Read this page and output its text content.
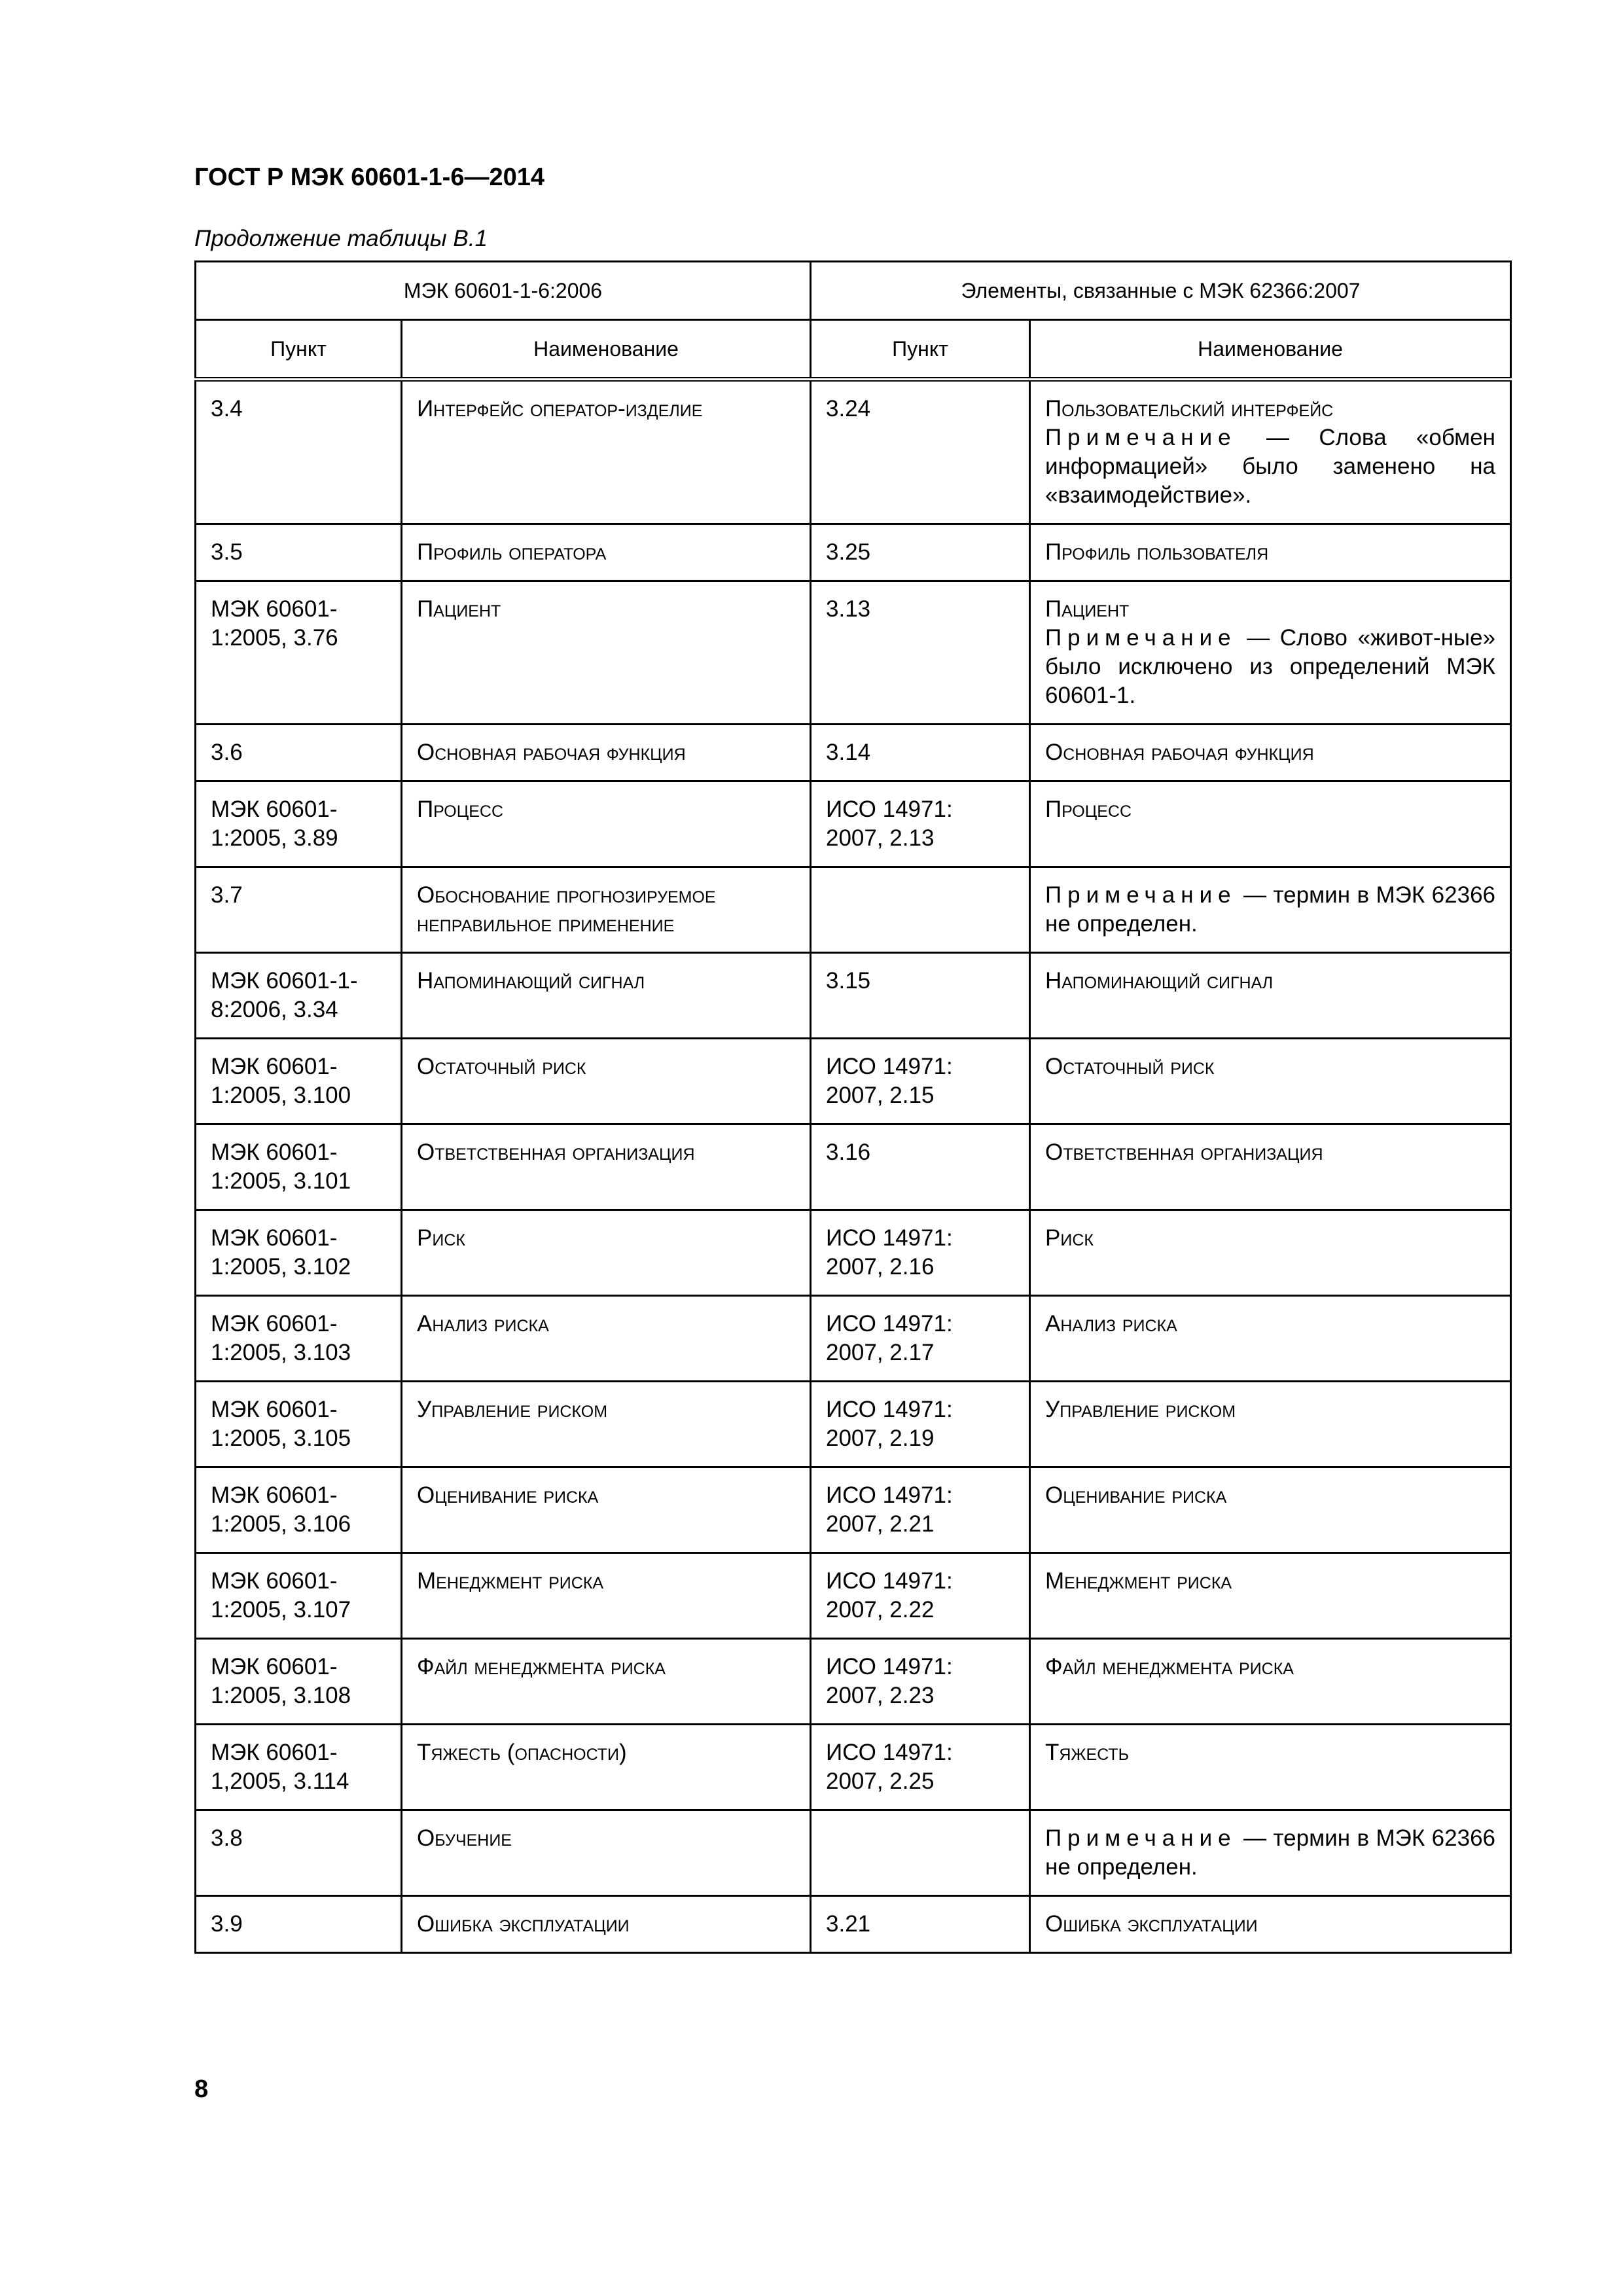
ГОСТ Р МЭК 60601-1-6—2014

Продолжение таблицы В.1

МЭК 60601-1-6:2006		Элементы, связанные с МЭК 62366:2007	
Пункт	Наименование	Пункт	Наименование
3.4	Интерфейс оператор-изделие	3.24	Пользовательский интерфейс
Примечание — Слова «обмен информацией» было заменено на «взаимодействие».

3.5	Профиль оператора	3.25	Профиль пользователя

МЭК 60601-1:2005, 3.76	Пациент	3.13	Пациент
Примечание — Слово «живот-ные» было исключено из определений МЭК 60601-1.

3.6	Основная рабочая функция	3.14	Основная рабочая функция

МЭК 60601-1:2005, 3.89	Процесс	ИСО 14971: 2007, 2.13	Процесс

3.7	Обоснование прогнозируемое неправильное применение		Примечание — термин в МЭК 62366 не определен.

МЭК 60601-1-8:2006, 3.34	Напоминающий сигнал	3.15	Напоминающий сигнал

МЭК 60601-1:2005, 3.100	Остаточный риск	ИСО 14971: 2007, 2.15	Остаточный риск

МЭК 60601-1:2005, 3.101	Ответственная организация	3.16	Ответственная организация

МЭК 60601-1:2005, 3.102	Риск	ИСО 14971: 2007, 2.16	Риск

МЭК 60601-1:2005, 3.103	Анализ риска	ИСО 14971: 2007, 2.17	Анализ риска

МЭК 60601-1:2005, 3.105	Управление риском	ИСО 14971: 2007, 2.19	Управление риском

МЭК 60601-1:2005, 3.106	Оценивание риска	ИСО 14971: 2007, 2.21	Оценивание риска

МЭК 60601-1:2005, 3.107	Менеджмент риска	ИСО 14971: 2007, 2.22	Менеджмент риска

МЭК 60601-1:2005, 3.108	Файл менеджмента риска	ИСО 14971: 2007, 2.23	Файл менеджмента риска

МЭК 60601-1,2005, 3.114	Тяжесть (опасности)	ИСО 14971: 2007, 2.25	Тяжесть

3.8	Обучение		Примечание — термин в МЭК 62366 не определен.

3.9	Ошибка эксплуатации	3.21	Ошибка эксплуатации

8
